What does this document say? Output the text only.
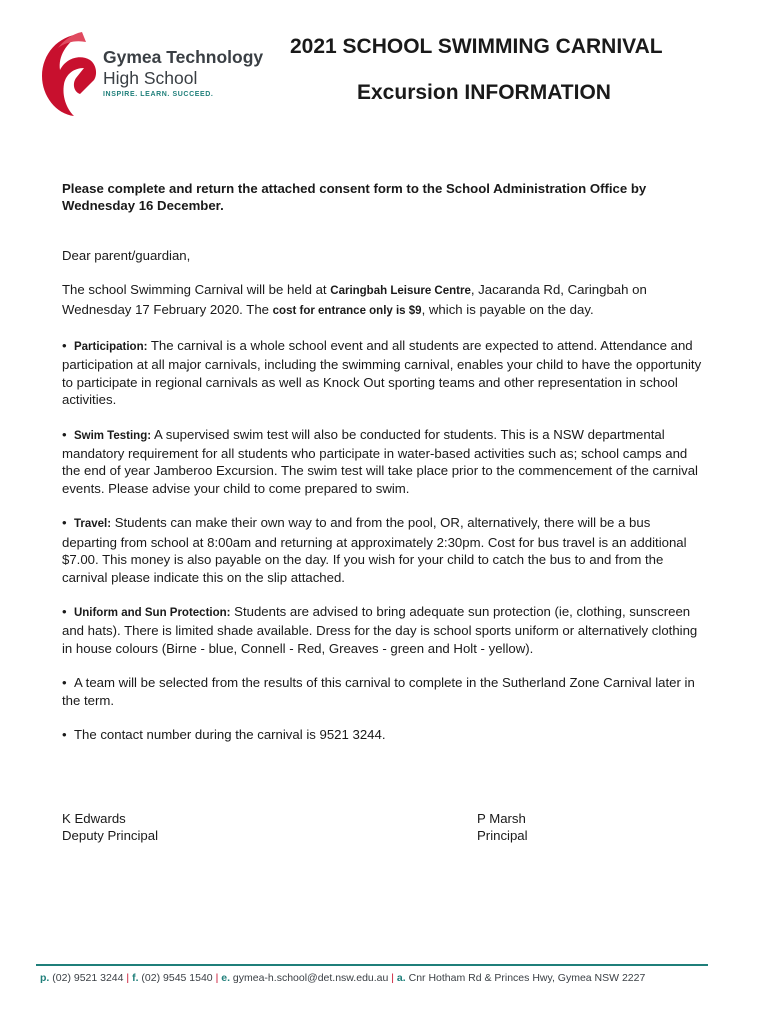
Gymea Technology
High School
INSPIRE. LEARN. SUCCEED.
2021 SCHOOL SWIMMING CARNIVAL
Excursion INFORMATION

Please complete and return the attached consent form to the School Administration Office by Wednesday 16 December.

Dear parent/guardian,

The school Swimming Carnival will be held at Caringbah Leisure Centre, Jacaranda Rd, Caringbah on Wednesday 17 February 2020. The cost for entrance only is $9, which is payable on the day.

• Participation: The carnival is a whole school event and all students are expected to attend. Attendance and participation at all major carnivals, including the swimming carnival, enables your child to have the opportunity to participate in regional carnivals as well as Knock Out sporting teams and other representation in school activities.

• Swim Testing: A supervised swim test will also be conducted for students. This is a NSW departmental mandatory requirement for all students who participate in water-based activities such as; school camps and the end of year Jamberoo Excursion. The swim test will take place prior to the commencement of the carnival events. Please advise your child to come prepared to swim.

• Travel: Students can make their own way to and from the pool, OR, alternatively, there will be a bus departing from school at 8:00am and returning at approximately 2:30pm. Cost for bus travel is an additional $7.00. This money is also payable on the day. If you wish for your child to catch the bus to and from the carnival please indicate this on the slip attached.

• Uniform and Sun Protection: Students are advised to bring adequate sun protection (ie, clothing, sunscreen and hats). There is limited shade available. Dress for the day is school sports uniform or alternatively clothing in house colours (Birne - blue, Connell - Red, Greaves - green and Holt - yellow).

• A team will be selected from the results of this carnival to complete in the Sutherland Zone Carnival later in the term.

• The contact number during the carnival is 9521 3244.

K Edwards
Deputy Principal
P Marsh
Principal
p. (02) 9521 3244 | f. (02) 9545 1540 | e. gymea-h.school@det.nsw.edu.au | a. Cnr Hotham Rd & Princes Hwy, Gymea NSW 2227
